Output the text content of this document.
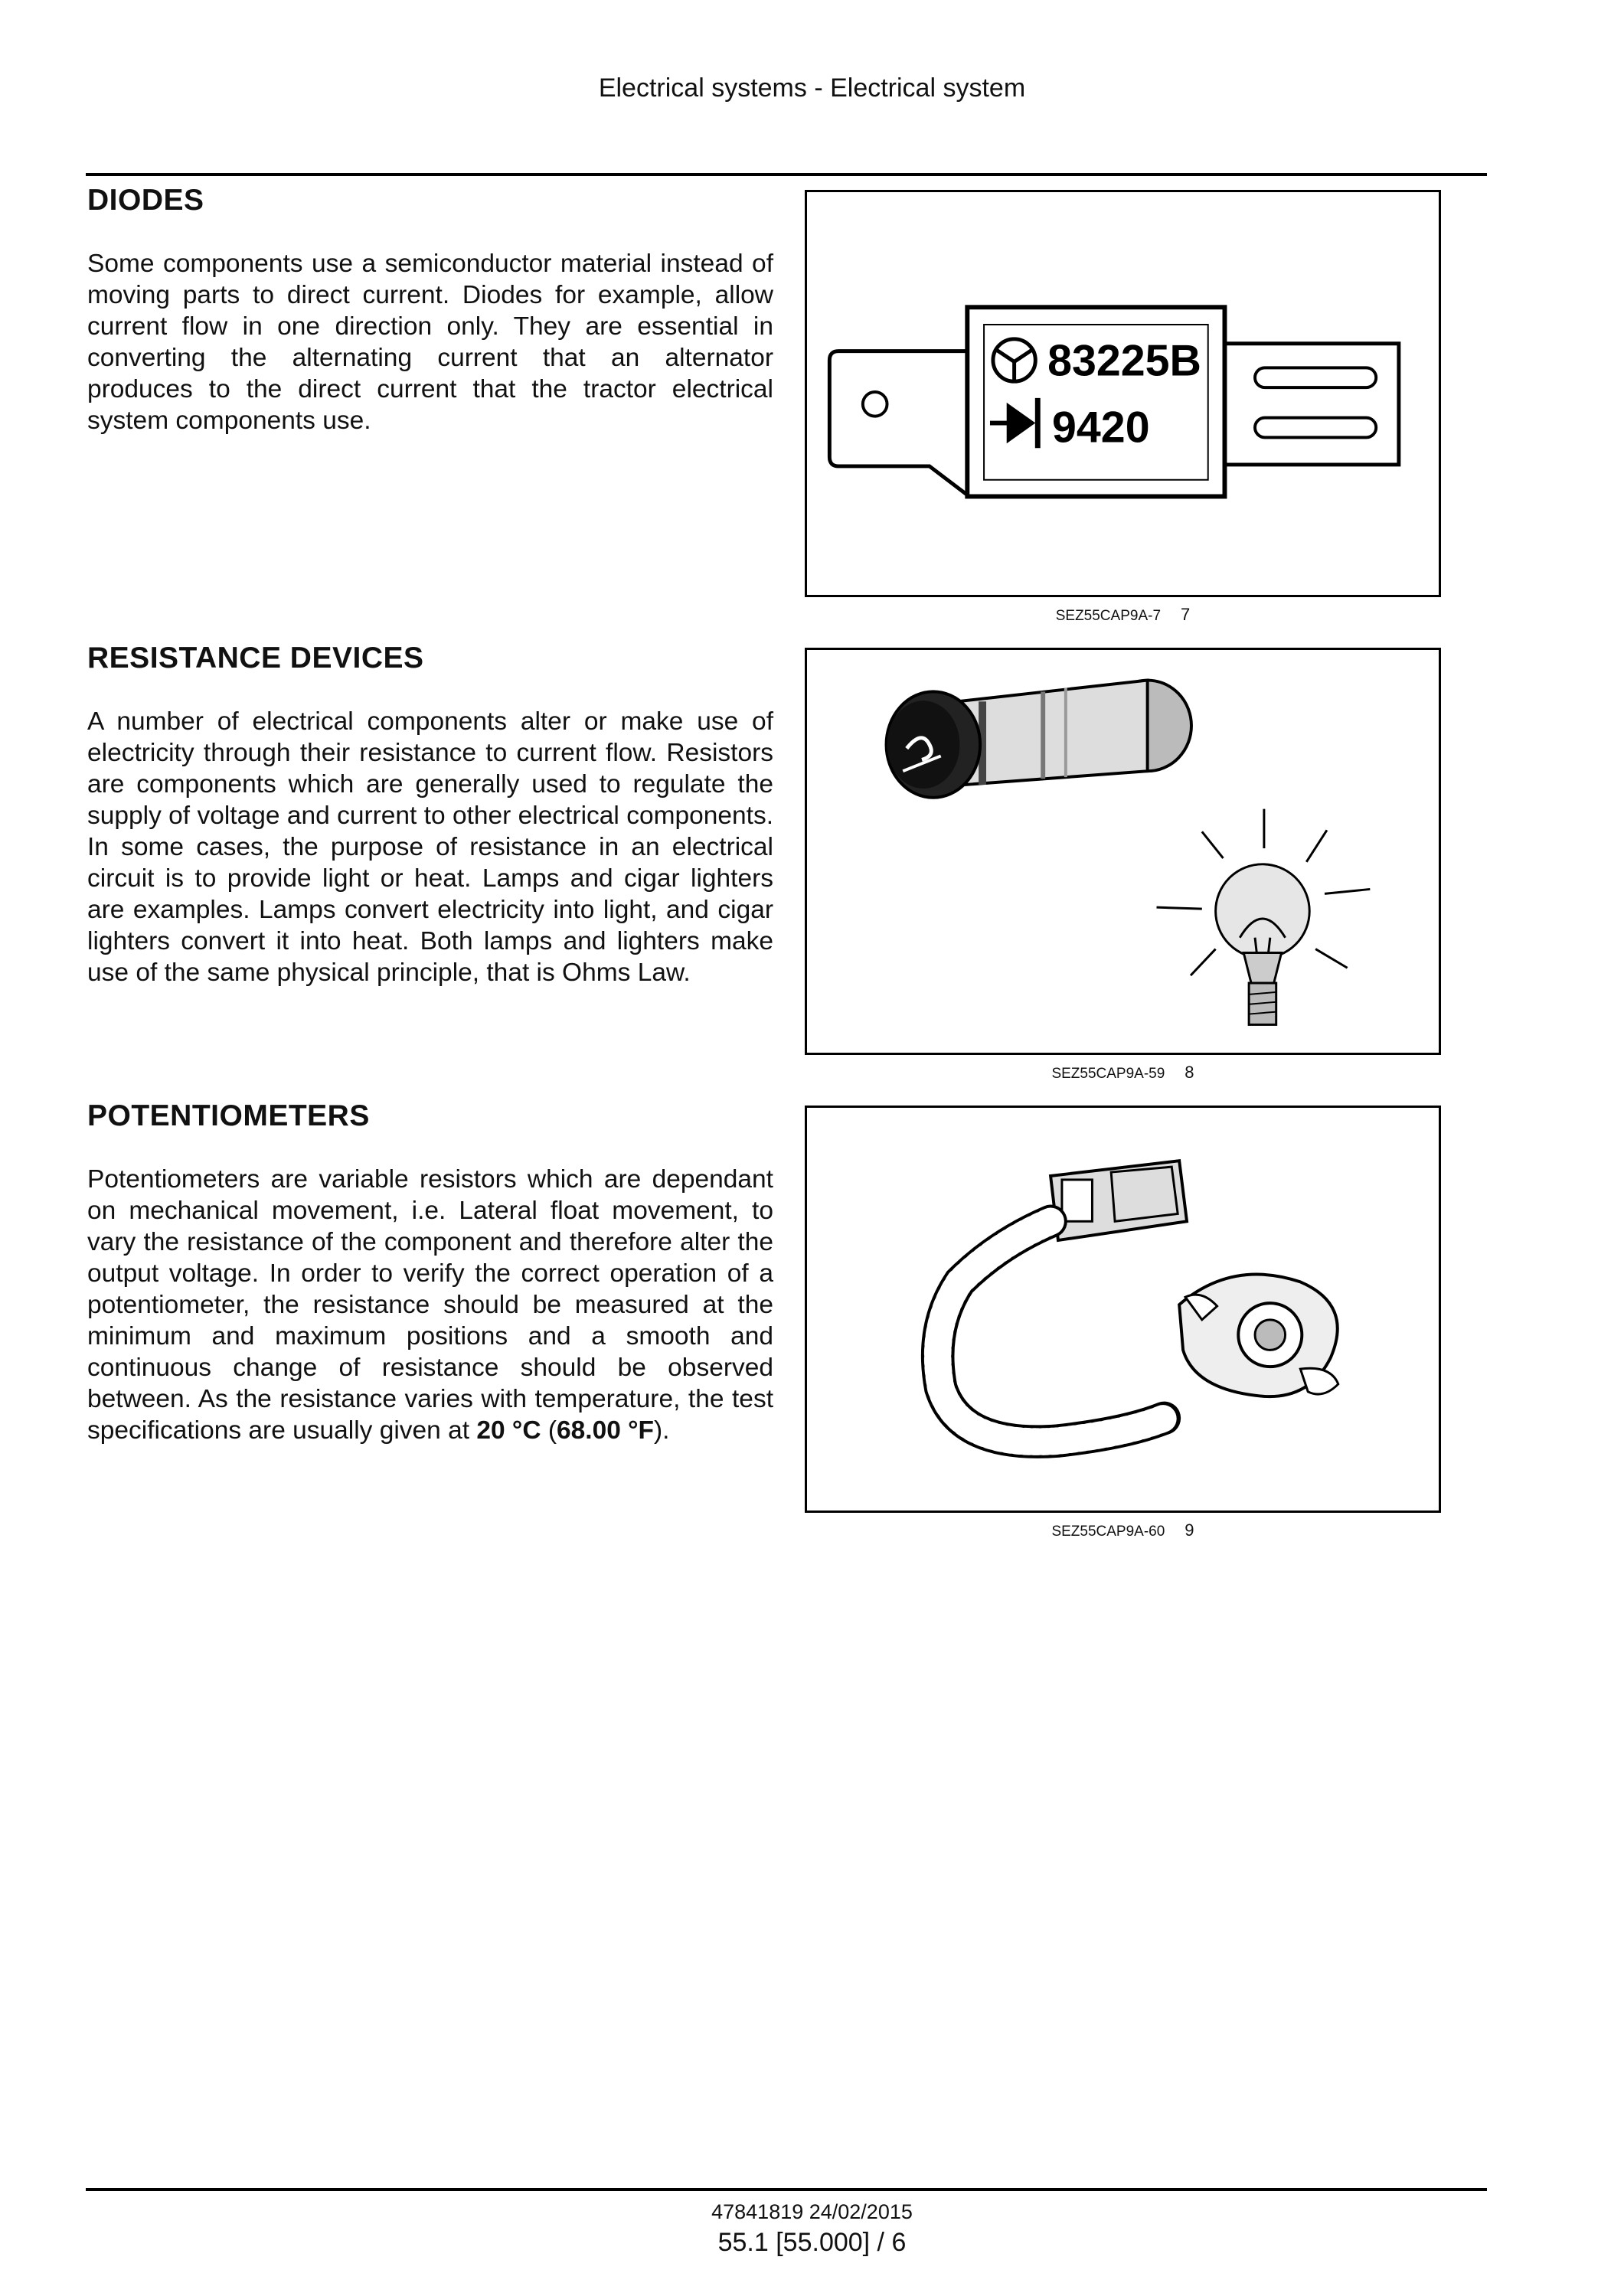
Electrical systems - Electrical system
DIODES
Some components use a semiconductor material instead of moving parts to direct current. Diodes for example, allow current flow in one direction only. They are essential in converting the alternating current that an alternator produces to the direct current that the tractor electrical system components use.
83225B
9420
SEZ55CAP9A-7 7
RESISTANCE DEVICES
A number of electrical components alter or make use of electricity through their resistance to current flow. Resistors are components which are generally used to regulate the supply of voltage and current to other electrical components. In some cases, the purpose of resistance in an electrical circuit is to provide light or heat. Lamps and cigar lighters are examples. Lamps convert electricity into light, and cigar lighters convert it into heat. Both lamps and lighters make use of the same physical principle, that is Ohms Law.
SEZ55CAP9A-59 8
POTENTIOMETERS
Potentiometers are variable resistors which are dependant on mechanical movement, i.e. Lateral float movement, to vary the resistance of the component and therefore alter the output voltage. In order to verify the correct operation of a potentiometer, the resistance should be measured at the minimum and maximum positions and a smooth and continuous change of resistance should be observed between. As the resistance varies with temperature, the test specifications are usually given at 20 °C (68.00 °F).
SEZ55CAP9A-60 9
47841819 24/02/2015
55.1 [55.000] / 6
